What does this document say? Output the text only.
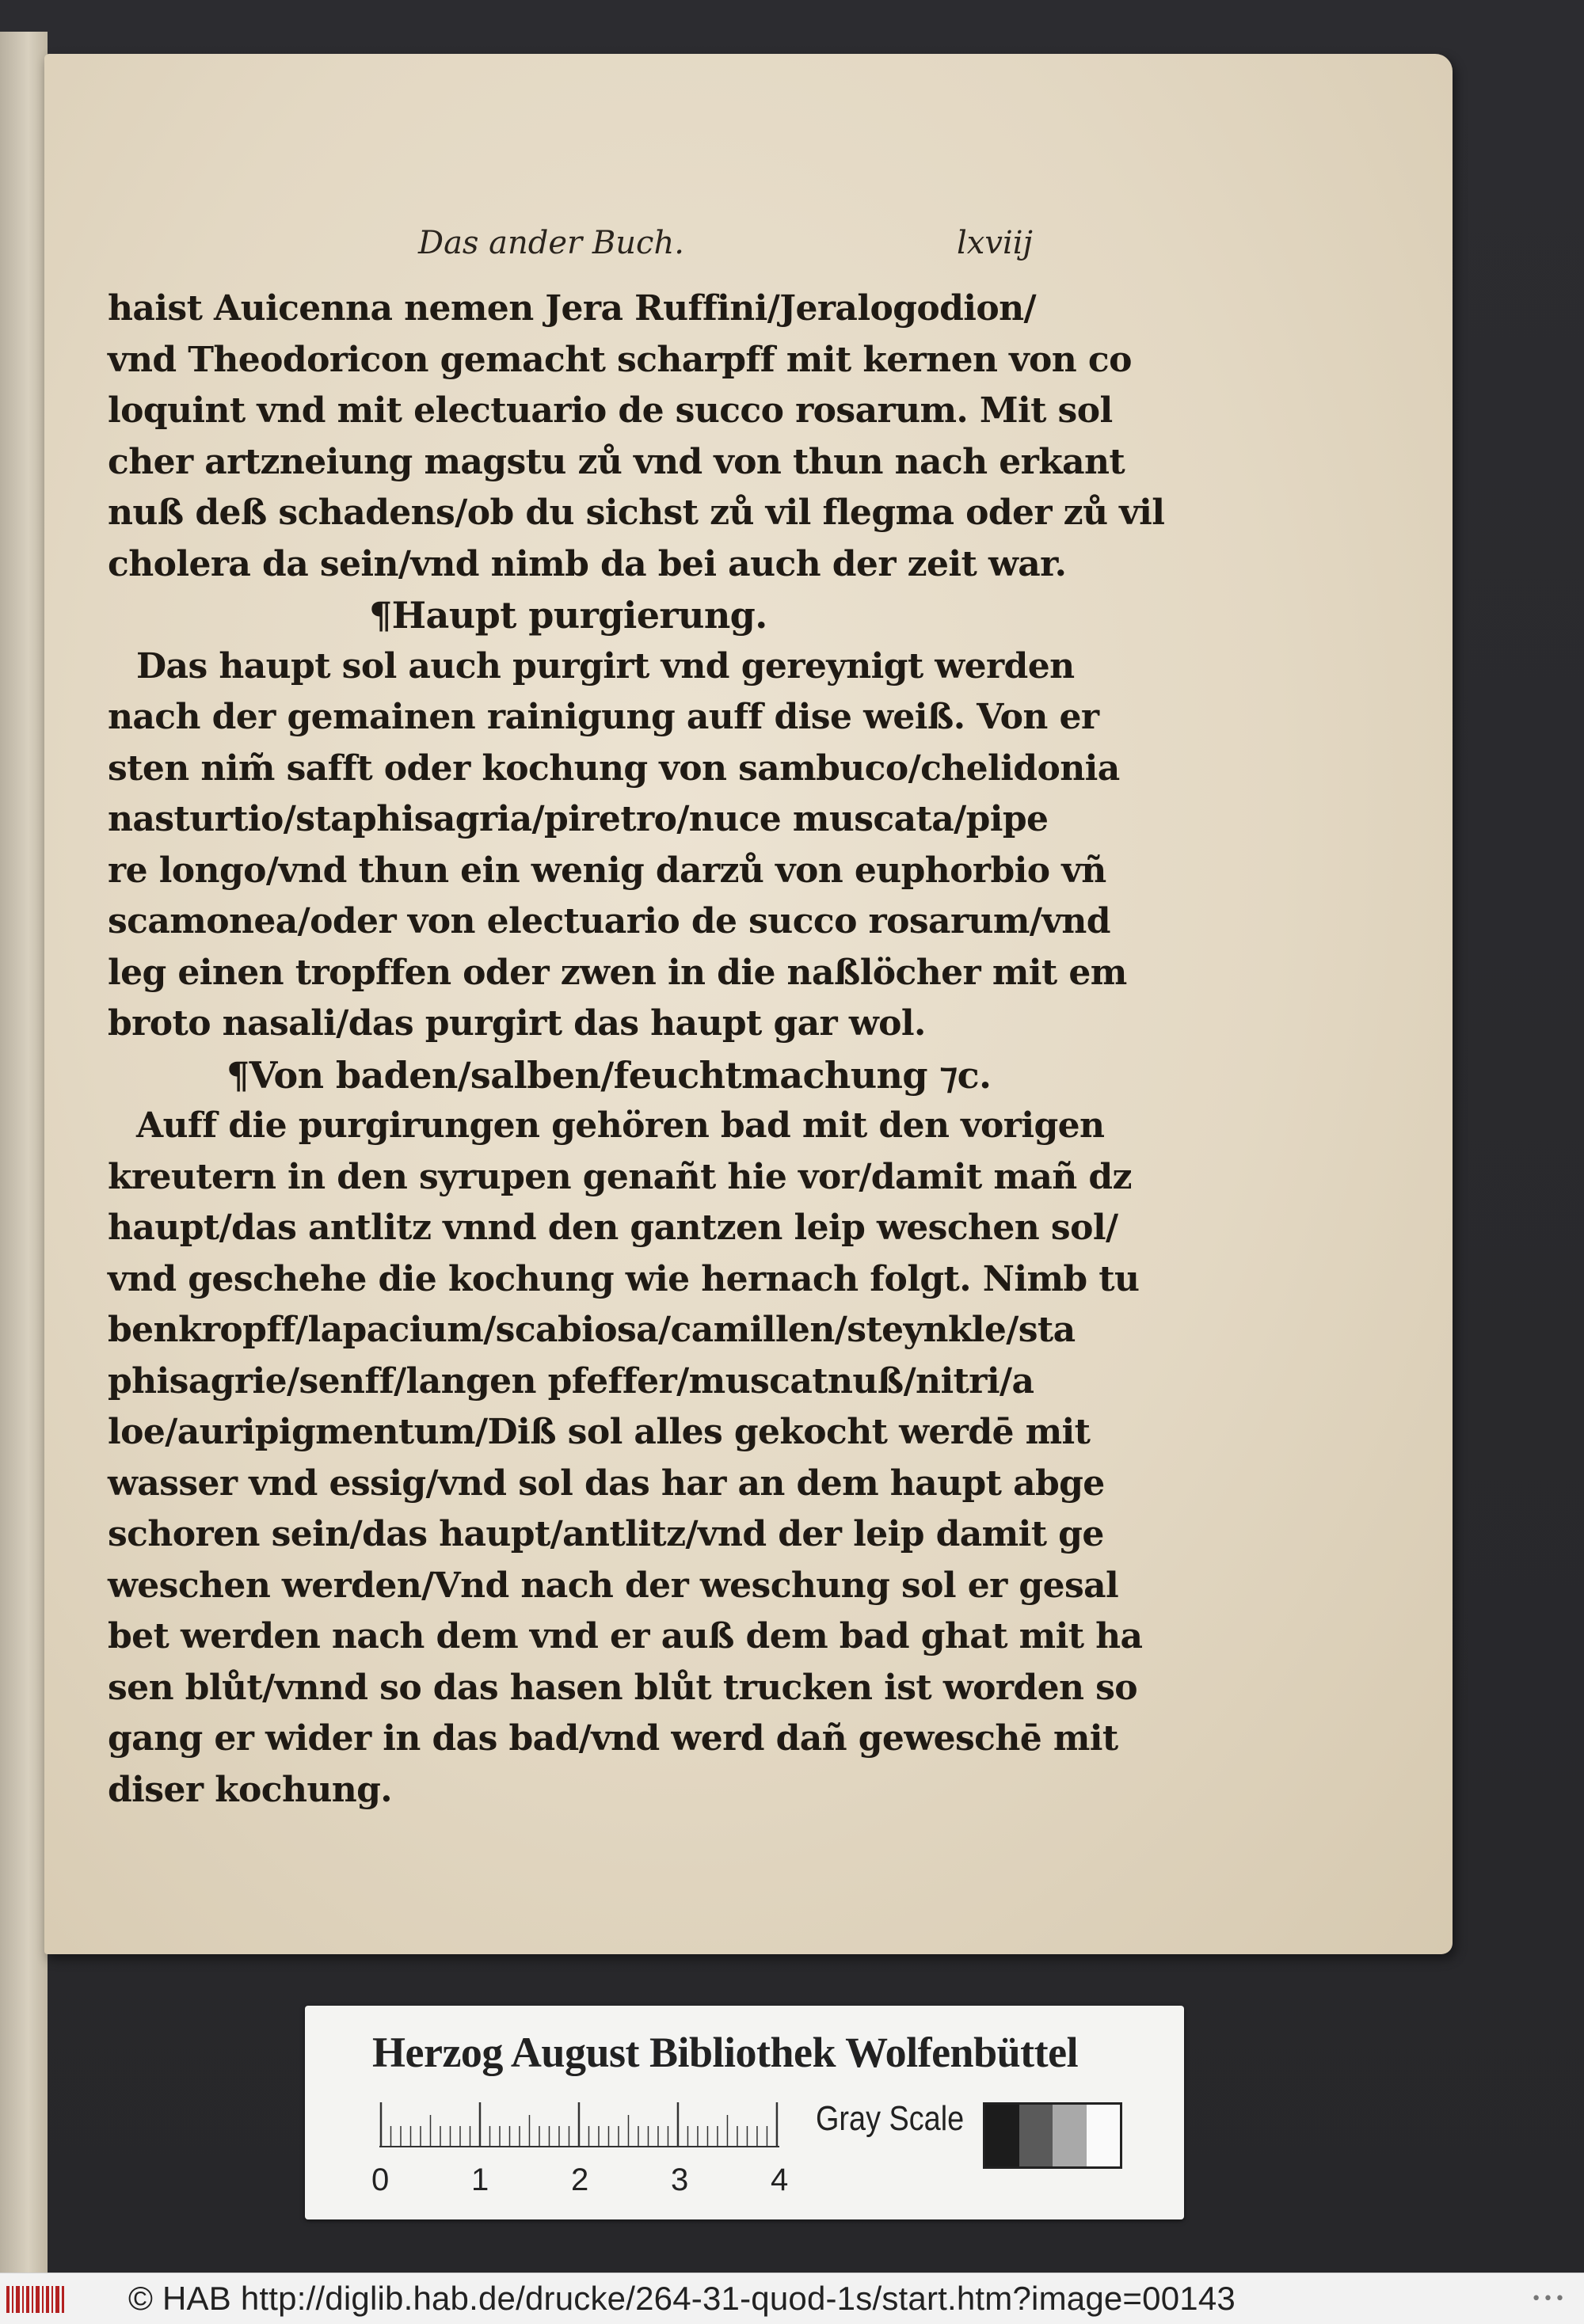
Das ander Buch.	lxviij
haist Auicenna nemen Jera Ruffini/Jeralogodion/
vnd Theodoricon gemacht scharpff mit kernen von co
loquint vnd mit electuario de succo rosarum. Mit sol
cher artzneiung magstu zů vnd von thun nach erkant
nuß deß schadens/ob du sichst zů vil flegma oder zů vil
cholera da sein/vnd nimb da bei auch der zeit war.
¶Haupt purgierung.
Das haupt sol auch purgirt vnd gereynigt werden
nach der gemainen rainigung auff dise weiß. Von er
sten nim̃ safft oder kochung von sambuco/chelidonia
nasturtio/staphisagria/piretro/nuce muscata/pipe
re longo/vnd thun ein wenig darzů von euphorbio vñ
scamonea/oder von electuario de succo rosarum/vnd
leg einen tropffen oder zwen in die naßlöcher mit em
broto nasali/das purgirt das haupt gar wol.
¶Von baden/salben/feuchtmachung ⁊c.
Auff die purgirungen gehören bad mit den vorigen
kreutern in den syrupen genañt hie vor/damit mañ dz
haupt/das antlitz vnnd den gantzen leip weschen sol/
vnd geschehe die kochung wie hernach folgt. Nimb tu
benkropff/lapacium/scabiosa/camillen/steynkle/sta
phisagrie/senff/langen pfeffer/muscatnuß/nitri/a
loe/auripigmentum/Diß sol alles gekocht werdē mit
wasser vnd essig/vnd sol das har an dem haupt abge
schoren sein/das haupt/antlitz/vnd der leip damit ge
weschen werden/Vnd nach der weschung sol er gesal
bet werden nach dem vnd er auß dem bad ghat mit ha
sen blůt/vnnd so das hasen blůt trucken ist worden so
gang er wider in das bad/vnd werd dañ geweschē mit
diser kochung.
Herzog August Bibliothek Wolfenbüttel
0	1	2	3	4
Gray Scale
© HAB http://diglib.hab.de/drucke/264-31-quod-1s/start.htm?image=00143	•••
